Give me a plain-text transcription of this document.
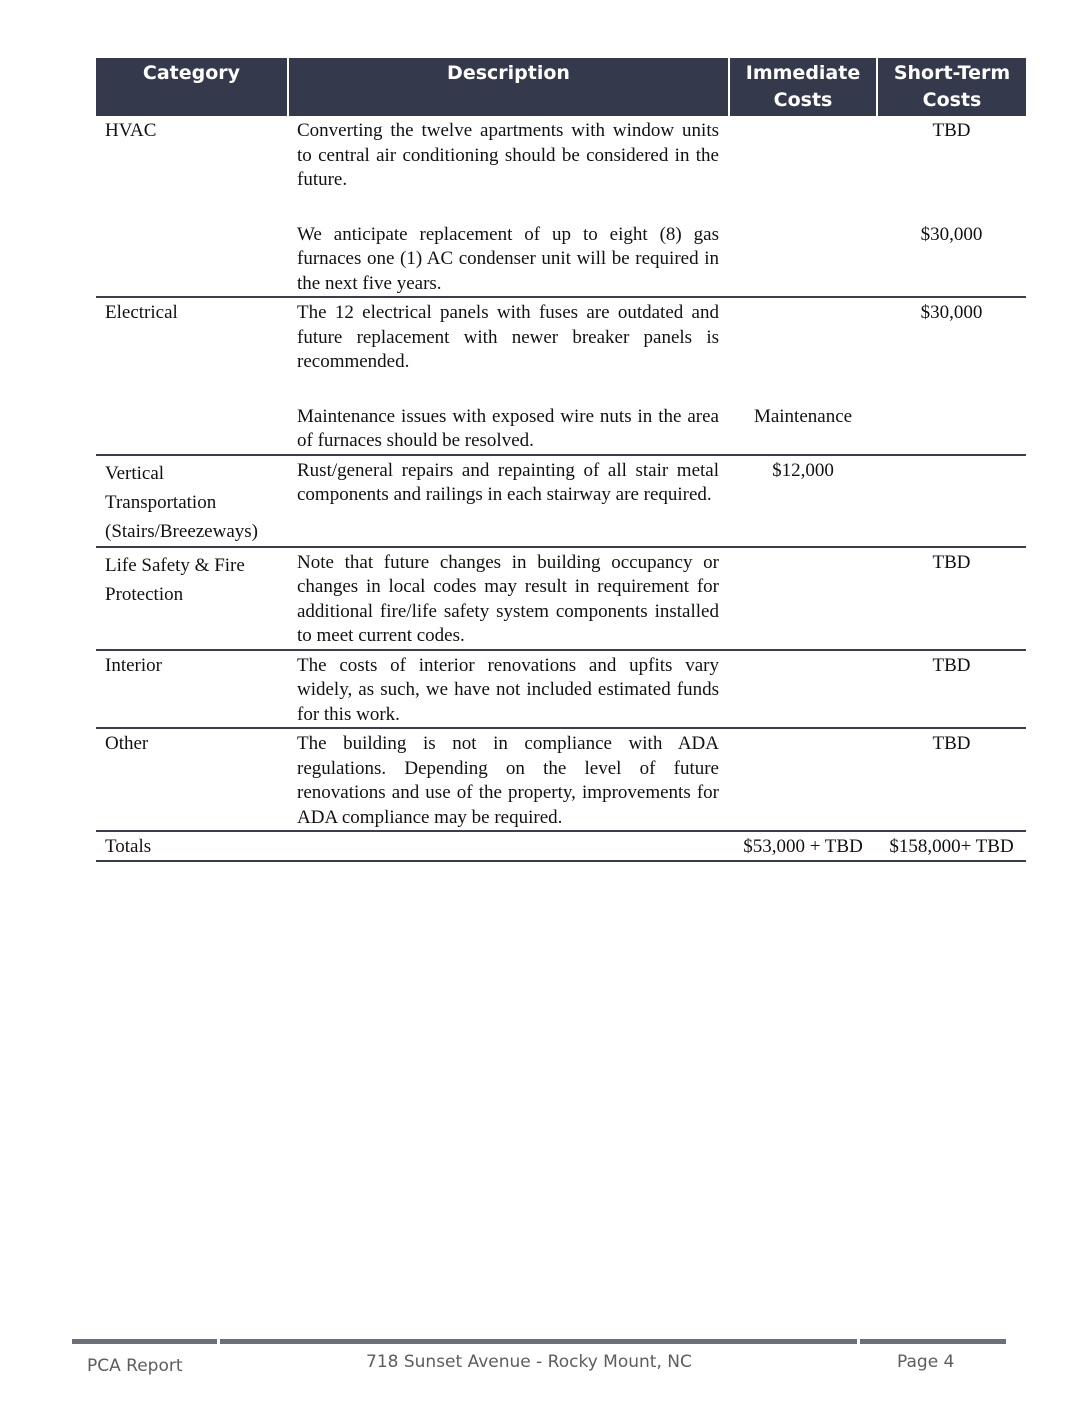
Category	Description	Immediate Costs	Short-Term Costs
HVAC	Converting the twelve apartments with window units to central air conditioning should be considered in the future.		TBD

	We anticipate replacement of up to eight (8) gas furnaces one (1) AC condenser unit will be required in the next five years.		$30,000
Electrical	The 12 electrical panels with fuses are outdated and future replacement with newer breaker panels is recommended.		$30,000

	Maintenance issues with exposed wire nuts in the area of furnaces should be resolved.	Maintenance	

Vertical Transportation (Stairs/Breezeways)	Rust/general repairs and repainting of all stair metal components and railings in each stairway are required.	$12,000	

Life Safety & Fire Protection	Note that future changes in building occupancy or changes in local codes may result in requirement for additional fire/life safety system components installed to meet current codes.		TBD
Interior	The costs of interior renovations and upfits vary widely, as such, we have not included estimated funds for this work.		TBD
Other	The building is not in compliance with ADA regulations. Depending on the level of future renovations and use of the property, improvements for ADA compliance may be required.		TBD
Totals		$53,000 + TBD	$158,000+ TBD
PCA Report	718 Sunset Avenue - Rocky Mount, NC	Page 4
